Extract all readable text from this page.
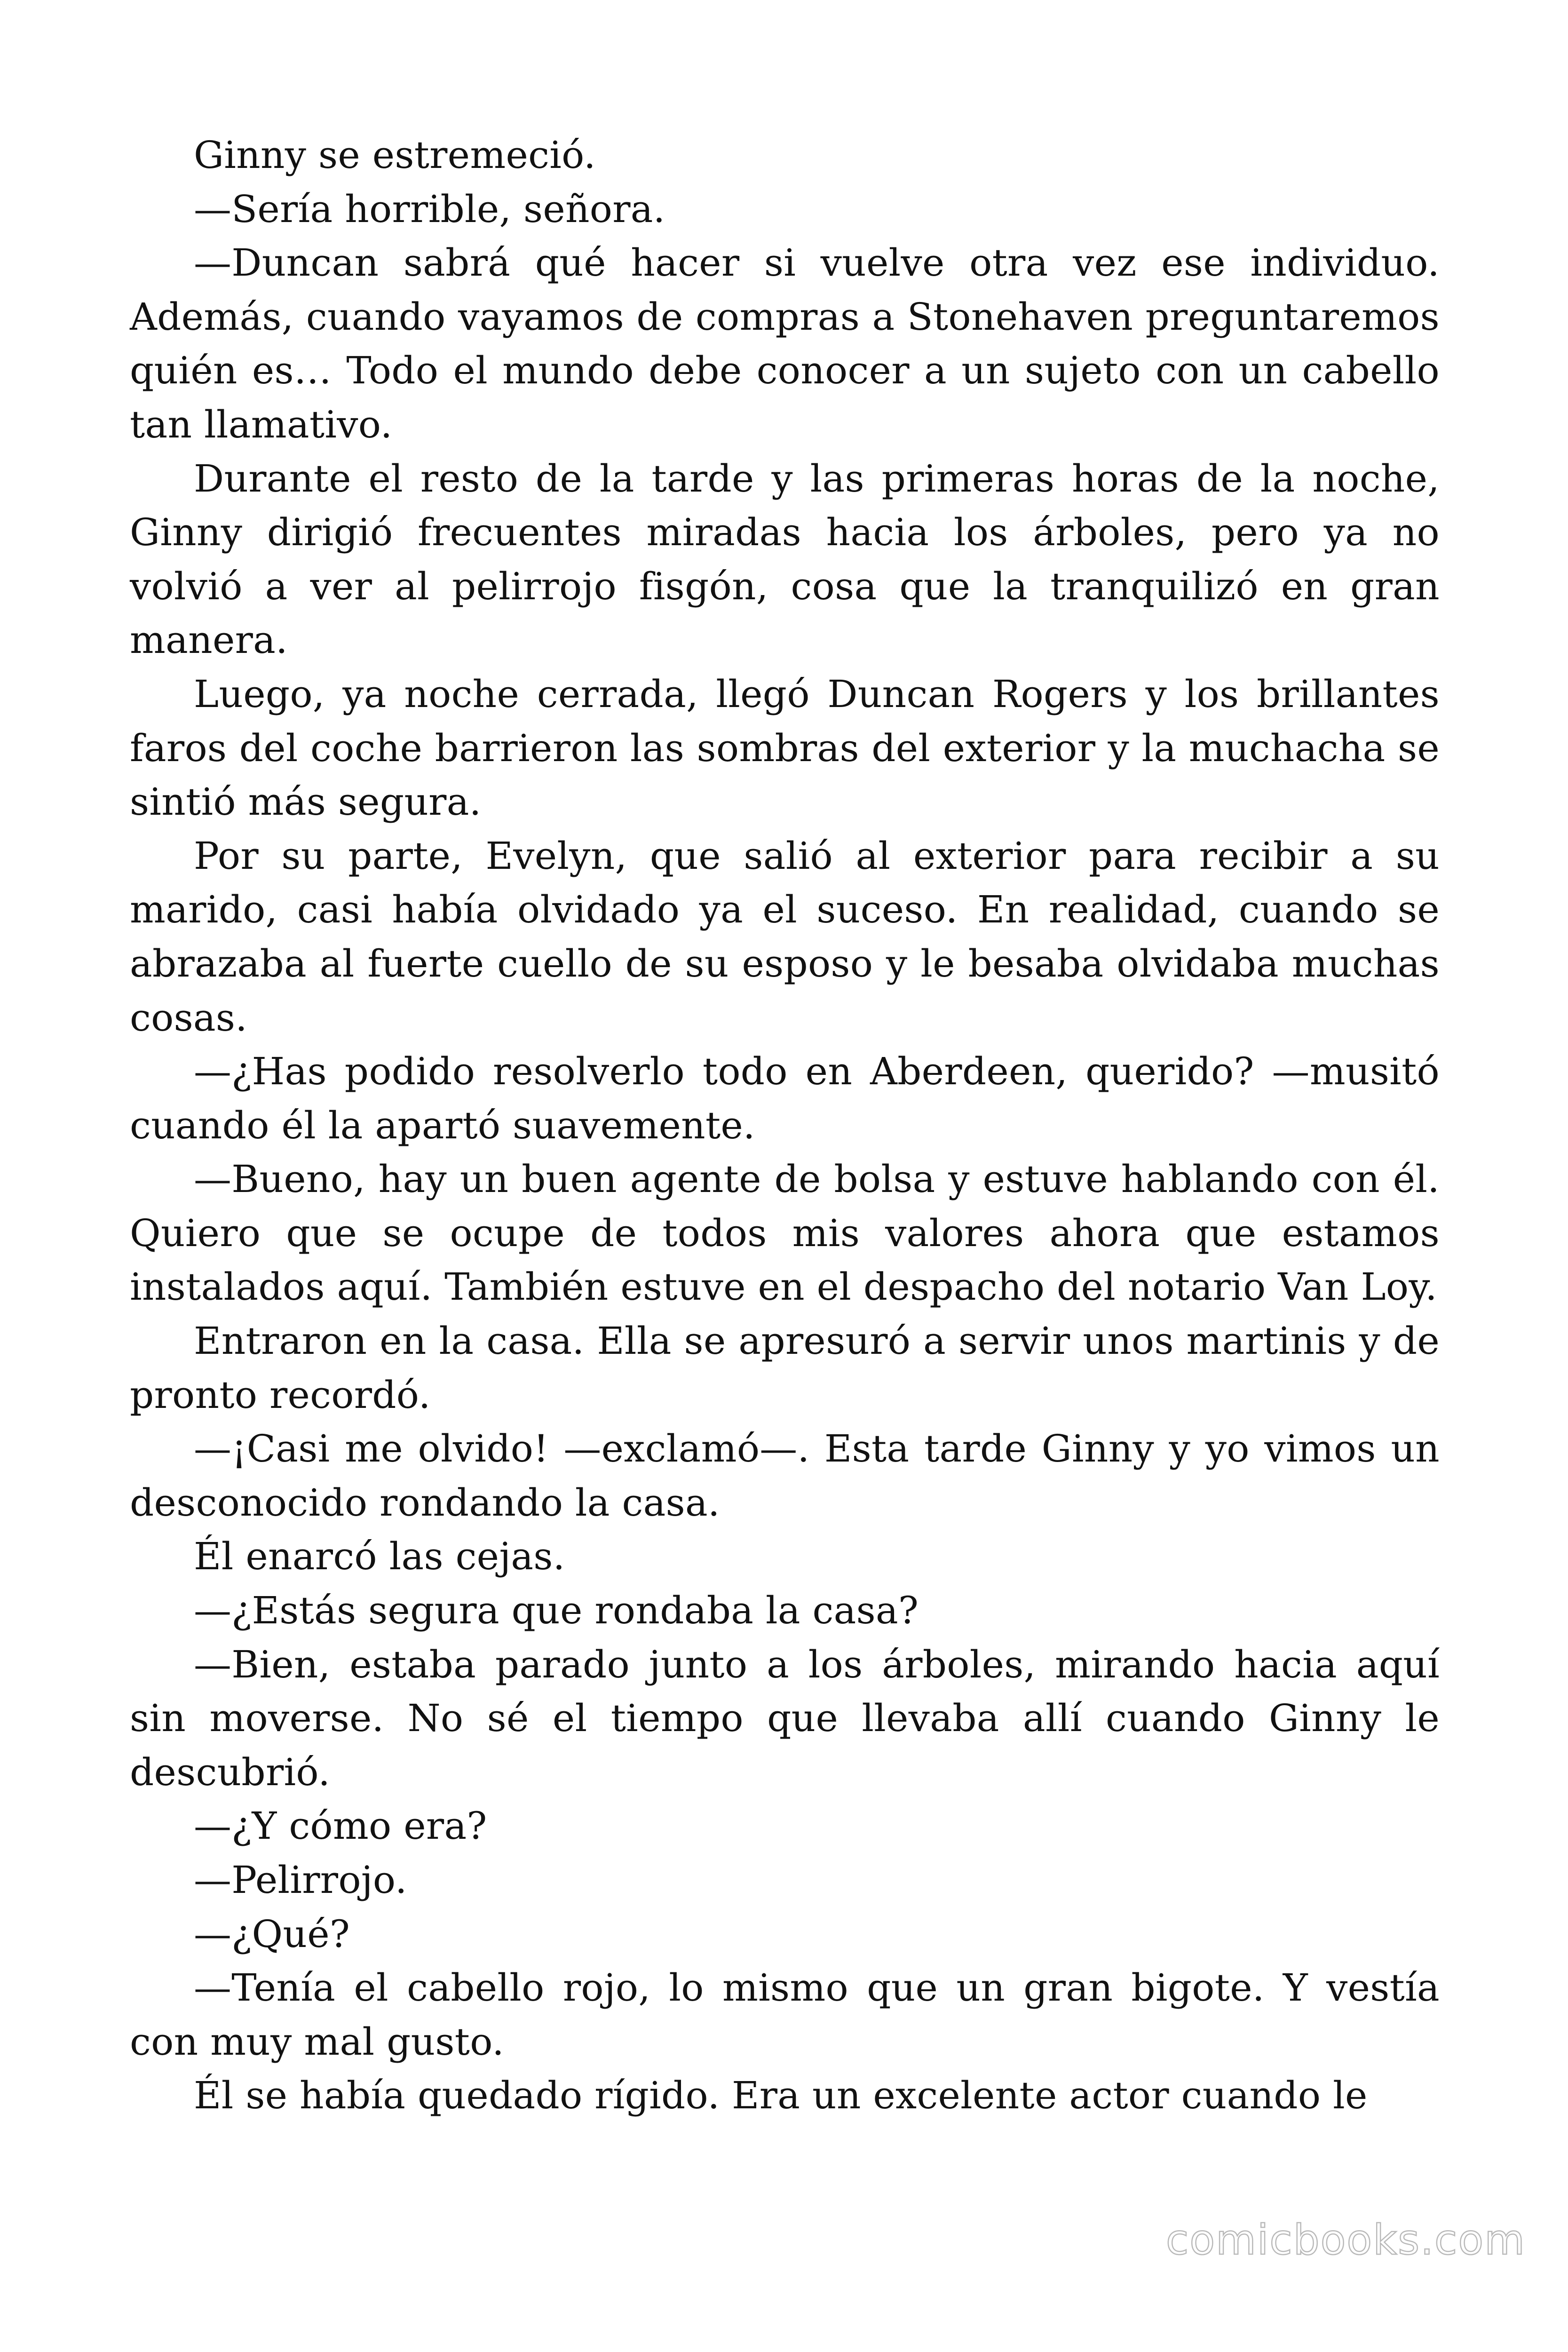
Ginny se estremeció.

—Sería horrible, señora.

—Duncan sabrá qué hacer si vuelve otra vez ese individuo. Además, cuando vayamos de compras a Stonehaven preguntaremos quién es… Todo el mundo debe conocer a un sujeto con un cabello tan llamativo.

Durante el resto de la tarde y las primeras horas de la noche, Ginny dirigió frecuentes miradas hacia los árboles, pero ya no volvió a ver al pelirrojo fisgón, cosa que la tranquilizó en gran manera.

Luego, ya noche cerrada, llegó Duncan Rogers y los brillantes faros del coche barrieron las sombras del exterior y la muchacha se sintió más segura.

Por su parte, Evelyn, que salió al exterior para recibir a su marido, casi había olvidado ya el suceso. En realidad, cuando se abrazaba al fuerte cuello de su esposo y le besaba olvidaba muchas cosas.

—¿Has podido resolverlo todo en Aberdeen, querido? —musitó cuando él la apartó suavemente.

—Bueno, hay un buen agente de bolsa y estuve hablando con él. Quiero que se ocupe de todos mis valores ahora que estamos instalados aquí. También estuve en el despacho del notario Van Loy.

Entraron en la casa. Ella se apresuró a servir unos martinis y de pronto recordó.

—¡Casi me olvido! —exclamó—. Esta tarde Ginny y yo vimos un desconocido rondando la casa.

Él enarcó las cejas.

—¿Estás segura que rondaba la casa?

—Bien, estaba parado junto a los árboles, mirando hacia aquí sin moverse. No sé el tiempo que llevaba allí cuando Ginny le descubrió.

—¿Y cómo era?

—Pelirrojo.

—¿Qué?

—Tenía el cabello rojo, lo mismo que un gran bigote. Y vestía con muy mal gusto.

Él se había quedado rígido. Era un excelente actor cuando le

comicbooks.com
